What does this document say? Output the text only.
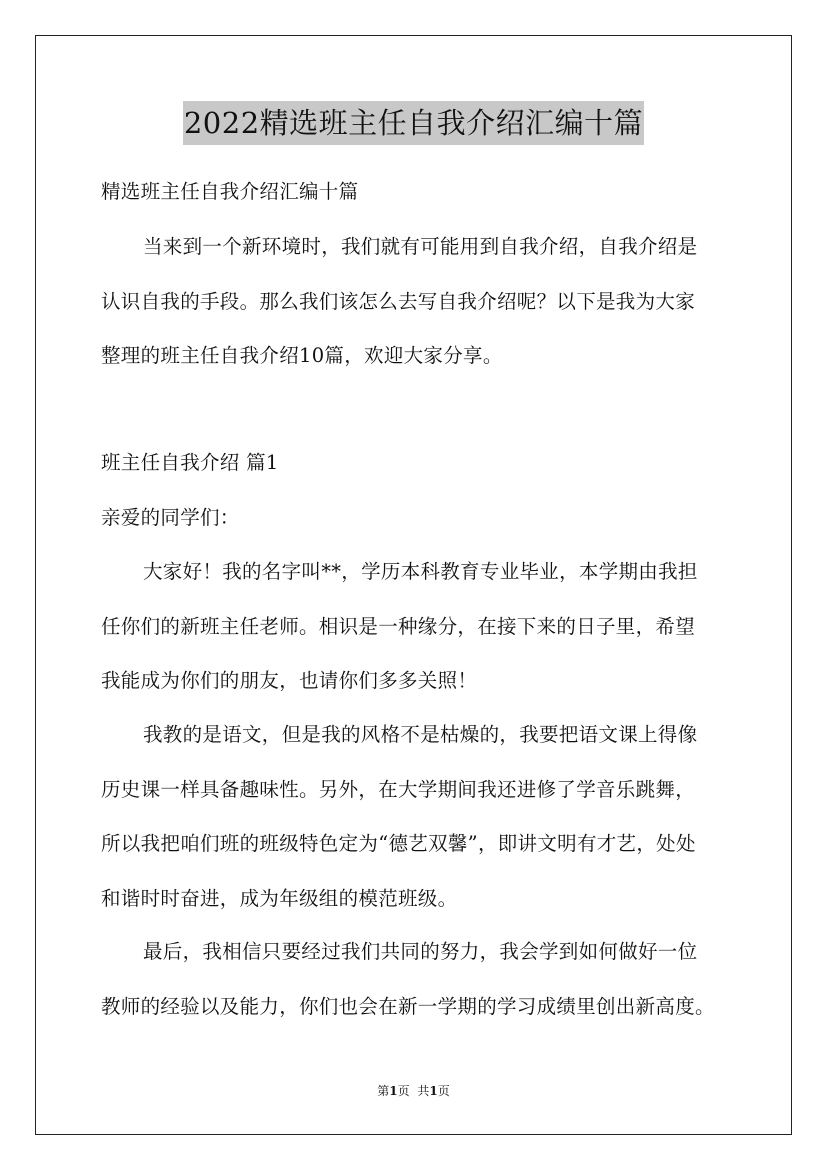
2022精选班主任自我介绍汇编十篇
精选班主任自我介绍汇编十篇
当来到一个新环境时，我们就有可能用到自我介绍，自我介绍是
认识自我的手段。那么我们该怎么去写自我介绍呢？以下是我为大家
整理的班主任自我介绍10篇，欢迎大家分享。
班主任自我介绍 篇1
亲爱的同学们：
大家好！我的名字叫**，学历本科教育专业毕业，本学期由我担
任你们的新班主任老师。相识是一种缘分，在接下来的日子里，希望
我能成为你们的朋友，也请你们多多关照！
我教的是语文，但是我的风格不是枯燥的，我要把语文课上得像
历史课一样具备趣味性。另外，在大学期间我还进修了学音乐跳舞，
所以我把咱们班的班级特色定为“德艺双馨”，即讲文明有才艺，处处
和谐时时奋进，成为年级组的模范班级。
最后，我相信只要经过我们共同的努力，我会学到如何做好一位
教师的经验以及能力，你们也会在新一学期的学习成绩里创出新高度。
第1页 共1页
